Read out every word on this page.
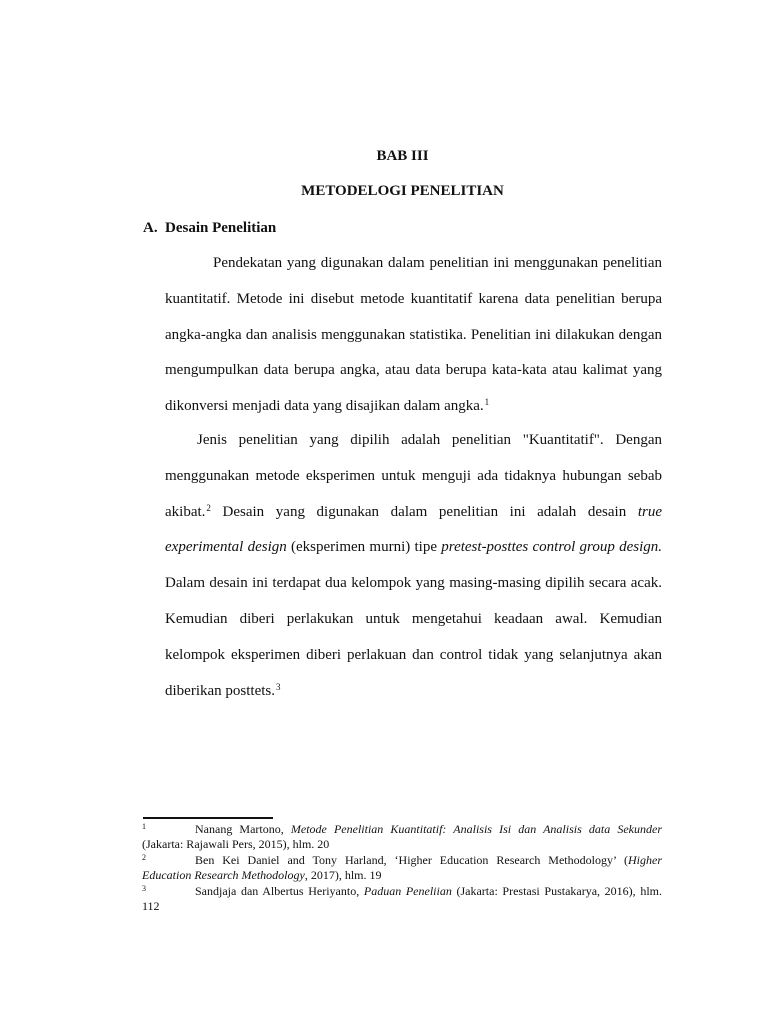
BAB III
METODELOGI PENELITIAN
A. Desain Penelitian

Pendekatan yang digunakan dalam penelitian ini menggunakan penelitian kuantitatif. Metode ini disebut metode kuantitatif karena data penelitian berupa angka-angka dan analisis menggunakan statistika. Penelitian ini dilakukan dengan mengumpulkan data berupa angka, atau data berupa kata-kata atau kalimat yang dikonversi menjadi data yang disajikan dalam angka.$^1$

Jenis penelitian yang dipilih adalah penelitian "Kuantitatif". Dengan menggunakan metode eksperimen untuk menguji ada tidaknya hubungan sebab akibat.$^2$ Desain yang digunakan dalam penelitian ini adalah desain true experimental design (eksperimen murni) tipe pretest-posttes control group design. Dalam desain ini terdapat dua kelompok yang masing-masing dipilih secara acak. Kemudian diberi perlakukan untuk mengetahui keadaan awal. Kemudian kelompok eksperimen diberi perlakuan dan control tidak yang selanjutnya akan diberikan posttets.$^3$

1	Nanang Martono, Metode Penelitian Kuantitatif: Analisis Isi dan Analisis data Sekunder (Jakarta: Rajawali Pers, 2015), hlm. 20

2	Ben Kei Daniel and Tony Harland, ‘Higher Education Research Methodology’ (Higher Education Research Methodology, 2017), hlm. 19

3	Sandjaja dan Albertus Heriyanto, Paduan Peneliian (Jakarta: Prestasi Pustakarya, 2016), hlm. 112
